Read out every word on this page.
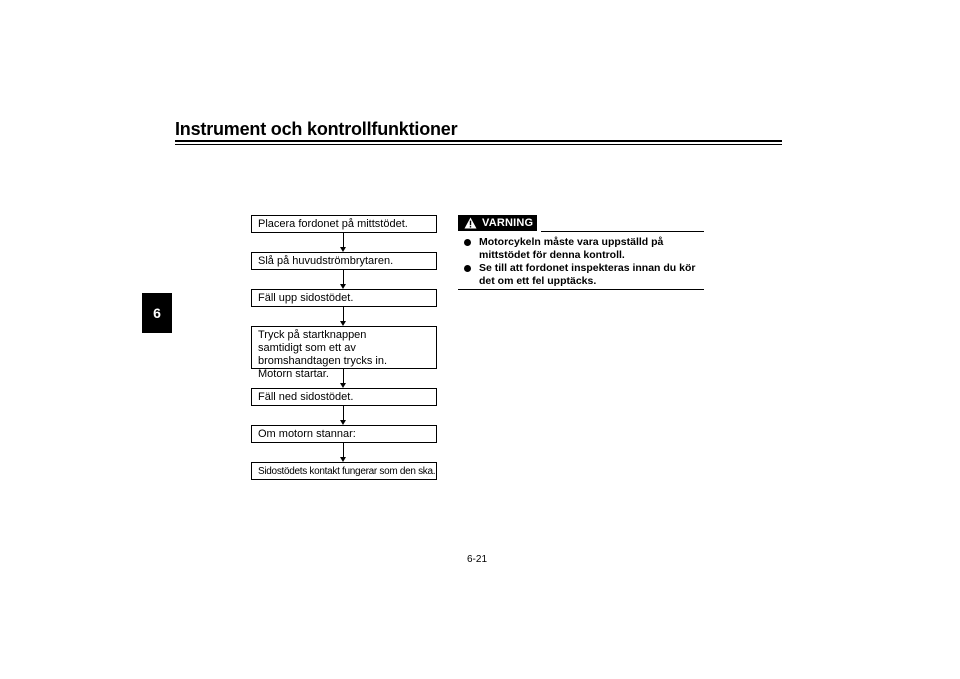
Instrument och kontrollfunktioner
6
Placera fordonet på mittstödet.
Slå på huvudströmbrytaren.
Fäll upp sidostödet.
Tryck på startknappen samtidigt som ett av bromshandtagen trycks in. Motorn startar.
Fäll ned sidostödet.
Om motorn stannar:
Sidostödets kontakt fungerar som den ska.
VARNING
Motorcykeln måste vara uppställd på mittstödet för denna kontroll.
Se till att fordonet inspekteras innan du kör det om ett fel upptäcks.
6-21
